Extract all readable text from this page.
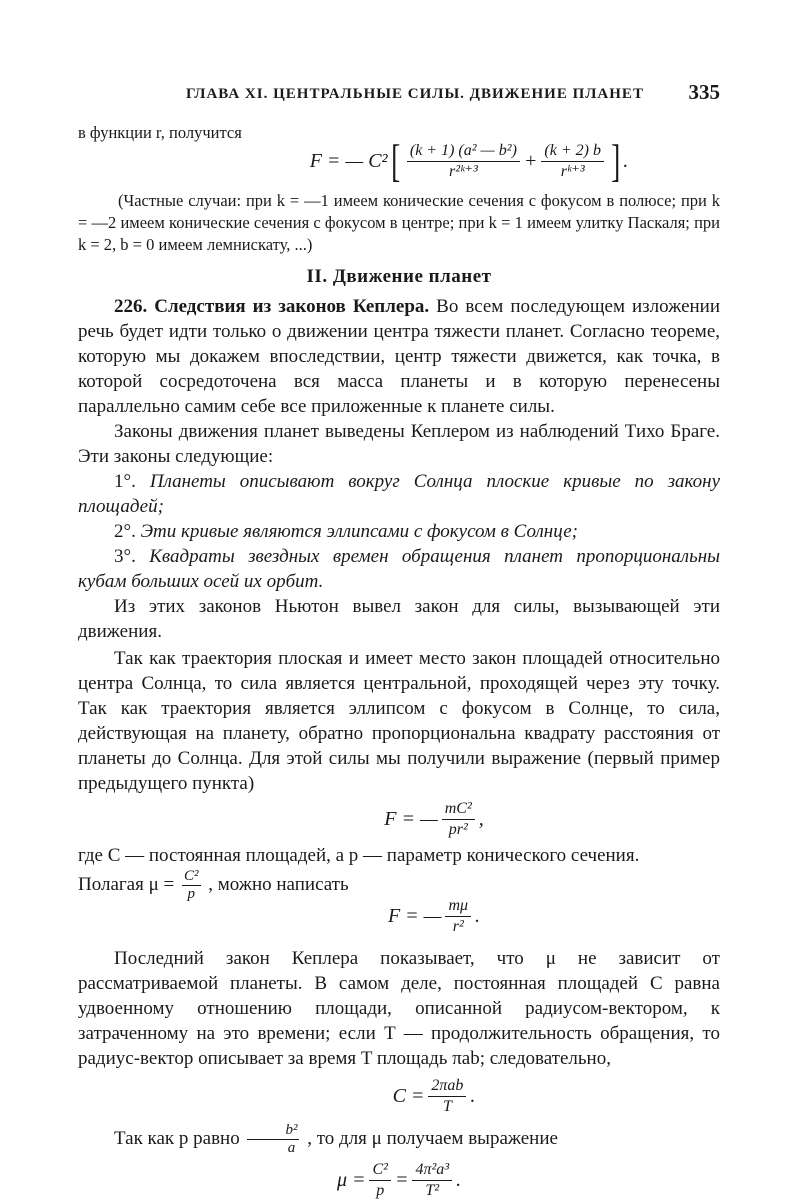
ГЛАВА XI. ЦЕНТРАЛЬНЫЕ СИЛЫ. ДВИЖЕНИЕ ПЛАНЕТ 335

в функции r, получится

F = — C² [ $\frac{\text{(k + 1) (a² — b²)}}{\text{r²ᵏ⁺³}} + \frac{(k + 2) b}{\text{rᵏ⁺³}}$ ] .

(Частные случаи: при k = —1 имеем конические сечения с фокусом в полюсе; при k = —2 имеем конические сечения с фокусом в центре; при k = 1 имеем улитку Паскаля; при k = 2, b = 0 имеем лемнискату, ...)

II. Движение планет

226. Следствия из законов Кеплера. Во всем последующем изложении речь будет идти только о движении центра тяжести планет. Согласно теореме, которую мы докажем впоследствии, центр тяжести движется, как точка, в которой сосредоточена вся масса планеты и в которую перенесены параллельно самим себе все приложенные к планете силы.

Законы движения планет выведены Кеплером из наблюдений Тихо Браге. Эти законы следующие:

1°. Планеты описывают вокруг Солнца плоские кривые по закону площадей;

2°. Эти кривые являются эллипсами с фокусом в Солнце;

3°. Квадраты звездных времен обращения планет пропорциональны кубам больших осей их орбит.

Из этих законов Ньютон вывел закон для силы, вызывающей эти движения.

Так как траектория плоская и имеет место закон площадей относительно центра Солнца, то сила является центральной, проходящей через эту точку. Так как траектория является эллипсом с фокусом в Солнце, то сила, действующая на планету, обратно пропорциональна квадрату расстояния от планеты до Солнца. Для этой силы мы получили выражение (первый пример предыдущего пункта)

F = — $\frac{\text{mC²}}{\text{pr²}}$ ,

где C — постоянная площадей, а p — параметр конического сечения.

Полагая $\mu = \frac{\text{C²}}{p}$ , можно написать

F = — $\frac{m\mu}{\text{r²}}$ .

Последний закон Кеплера показывает, что μ не зависит от рассматриваемой планеты. В самом деле, постоянная площадей C равна удвоенному отношению площади, описанной радиусом-вектором, к затраченному на это времени; если T — продолжительность обращения, то радиус-вектор описывает за время T площадь πab; следовательно,

$C = \frac{\text{2πab}}{T}$ .

Так как p равно $\frac{\text{b²}}{a}$ , то для μ получаем выражение

$\mu = \frac{\text{C²}}{p} = \frac{\text{4π²a³}}{\text{T²}}$ .
